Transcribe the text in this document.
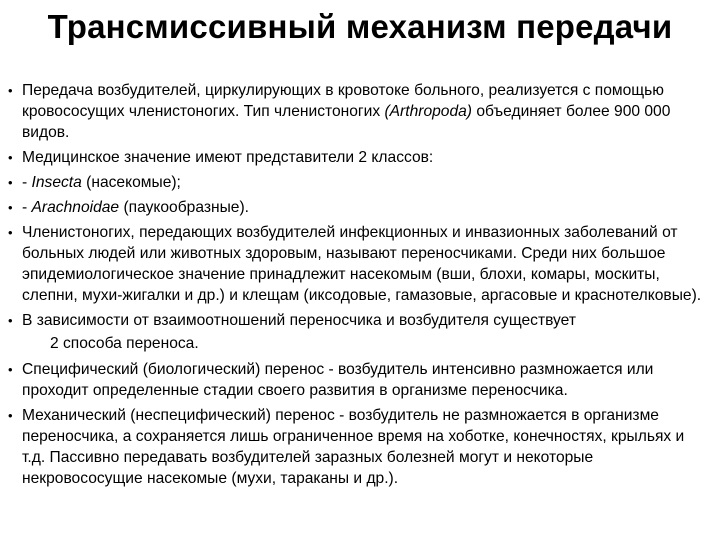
Трансмиссивный механизм передачи
• Передача возбудителей, циркулирующих в кровотоке больного, реализуется с помощью кровососущих членистоногих. Тип членистоногих (Arthropoda) объединяет более 900 000 видов.
• Медицинское значение имеют представители 2 классов:
• - Insecta (насекомые);
• - Arachnoidae (паукообразные).
• Членистоногих, передающих возбудителей инфекционных и инвазионных заболеваний от больных людей или животных здоровым, называют переносчиками. Среди них большое эпидемиологическое значение принадлежит насекомым (вши, блохи, комары, москиты, слепни, мухи-жигалки и др.) и клещам (иксодовые, гамазовые, аргасовые и краснотелковые).
• В зависимости от взаимоотношений переносчика и возбудителя существует
2 способа переноса.
• Специфический (биологический) перенос - возбудитель интенсивно размножается или проходит определенные стадии своего развития в организме переносчика.
• Механический (неспецифический) перенос - возбудитель не размножается в организме переносчика, а сохраняется лишь ограниченное время на хоботке, конечностях, крыльях и т.д. Пассивно передавать возбудителей заразных болезней могут и некоторые некровососущие насекомые (мухи, тараканы и др.).
